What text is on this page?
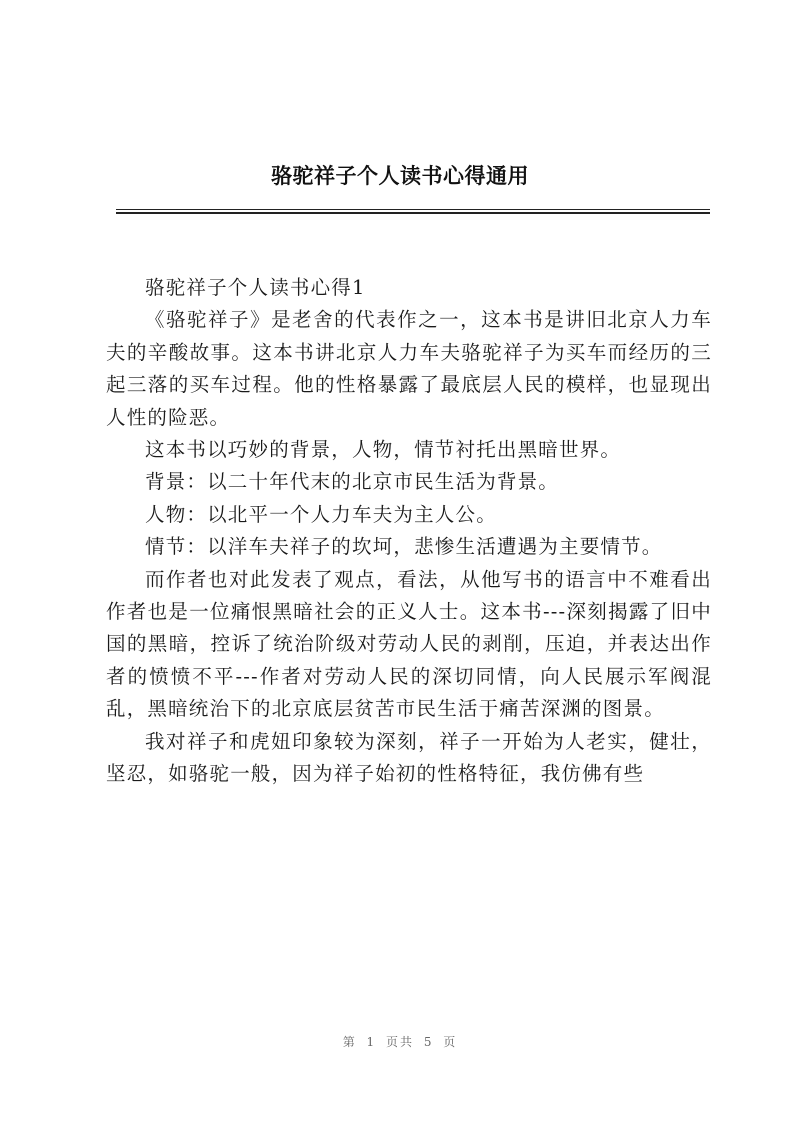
骆驼祥子个人读书心得通用

骆驼祥子个人读书心得1

《骆驼祥子》是老舍的代表作之一，这本书是讲旧北京人力车夫的辛酸故事。这本书讲北京人力车夫骆驼祥子为买车而经历的三起三落的买车过程。他的性格暴露了最底层人民的模样，也显现出人性的险恶。

这本书以巧妙的背景，人物，情节衬托出黑暗世界。

背景：以二十年代末的北京市民生活为背景。

人物：以北平一个人力车夫为主人公。

情节：以洋车夫祥子的坎坷，悲惨生活遭遇为主要情节。

而作者也对此发表了观点，看法，从他写书的语言中不难看出作者也是一位痛恨黑暗社会的正义人士。这本书---深刻揭露了旧中国的黑暗，控诉了统治阶级对劳动人民的剥削，压迫，并表达出作者的愤愤不平---作者对劳动人民的深切同情，向人民展示军阀混乱，黑暗统治下的北京底层贫苦市民生活于痛苦深渊的图景。

我对祥子和虎妞印象较为深刻，祥子一开始为人老实，健壮，坚忍，如骆驼一般，因为祥子始初的性格特征，我仿佛有些

第 1 页共 5 页
